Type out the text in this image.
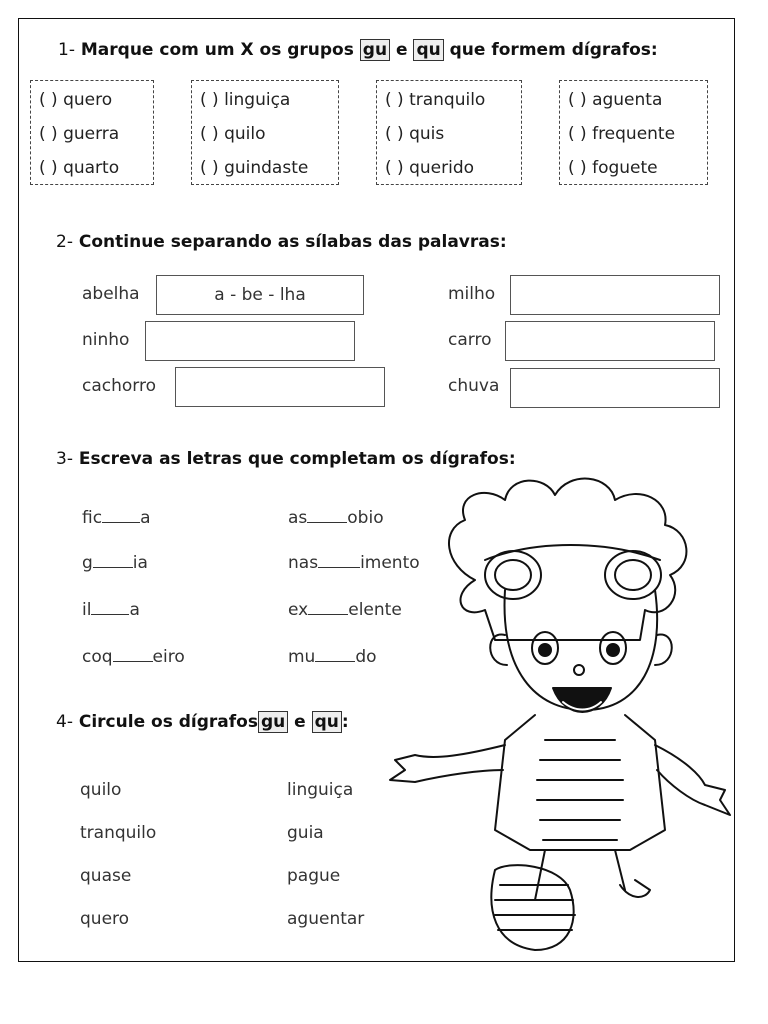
1- Marque com um X os grupos gu e qu que formem dígrafos:
( ) quero
( ) guerra
( ) quarto
( ) linguiça
( ) quilo
( ) guindaste
( ) tranquilo
( ) quis
( ) querido
( ) aguenta
( ) frequente
( ) foguete
2- Continue separando as sílabas das palavras:
abelha	a - be - lha	milho
ninho	carro
cachorro	chuva
3- Escreva as letras que completam os dígrafos:
fic a	as obio
g ia	nas imento
il a	ex elente
coq eiro	mu do
4- Circule os dígrafos gu e qu :
quilo	linguiça
tranquilo	guia
quase	pague
quero	aguentar
